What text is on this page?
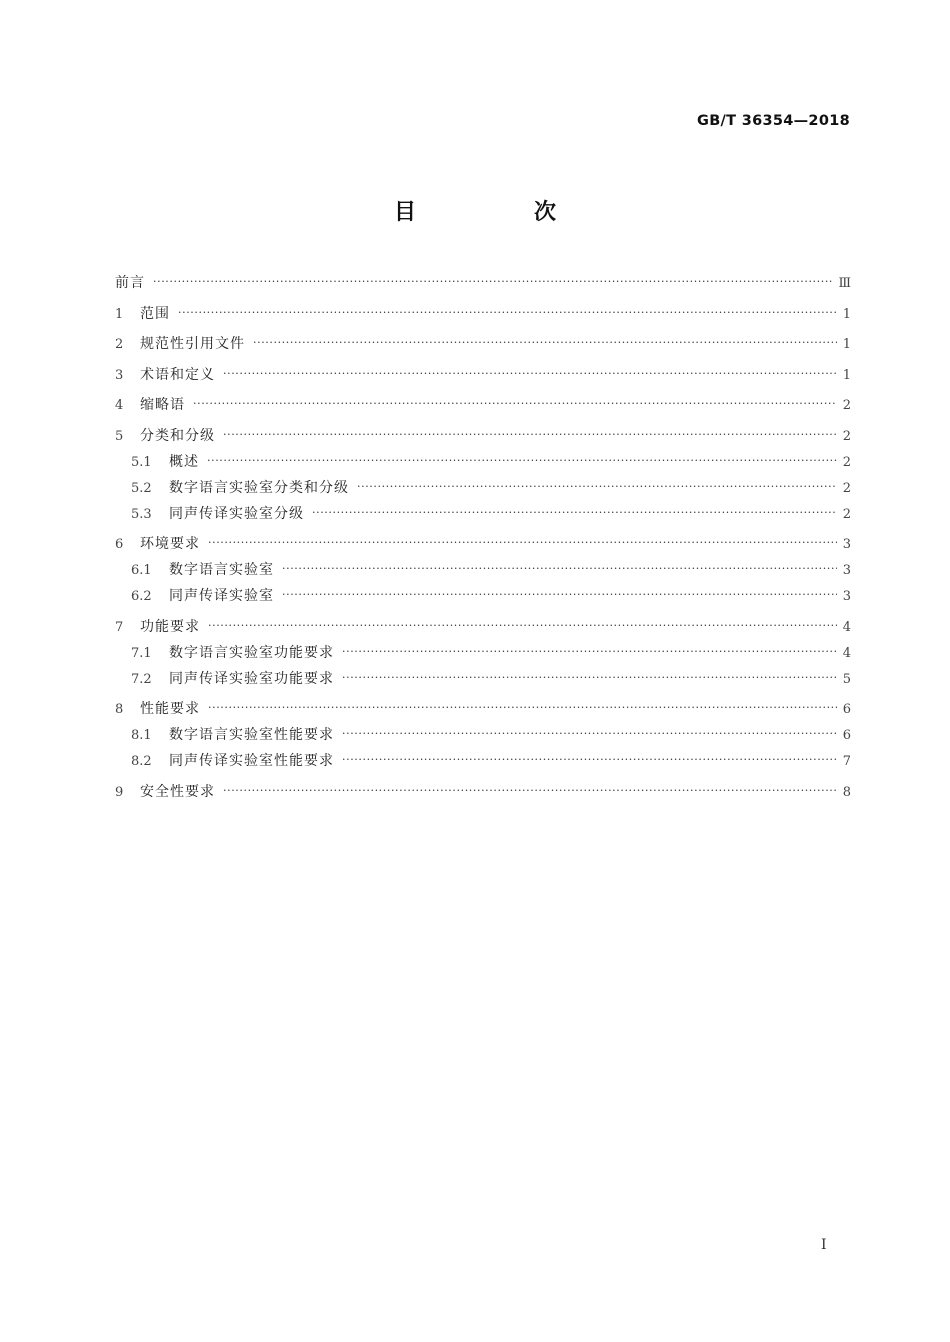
GB/T 36354—2018
目　次
前言 ·····	Ⅲ
1	范围 ·····	1
2	规范性引用文件 ·····	1
3	术语和定义 ·····	1
4	缩略语 ·····	2
5	分类和分级 ·····	2
5.1	概述 ·····	2
5.2	数字语言实验室分类和分级 ·····	2
5.3	同声传译实验室分级 ·····	2
6	环境要求 ·····	3
6.1	数字语言实验室 ·····	3
6.2	同声传译实验室 ·····	3
7	功能要求 ·····	4
7.1	数字语言实验室功能要求 ·····	4
7.2	同声传译实验室功能要求 ·····	5
8	性能要求 ·····	6
8.1	数字语言实验室性能要求 ·····	6
8.2	同声传译实验室性能要求 ·····	7
9	安全性要求 ·····	8
I
